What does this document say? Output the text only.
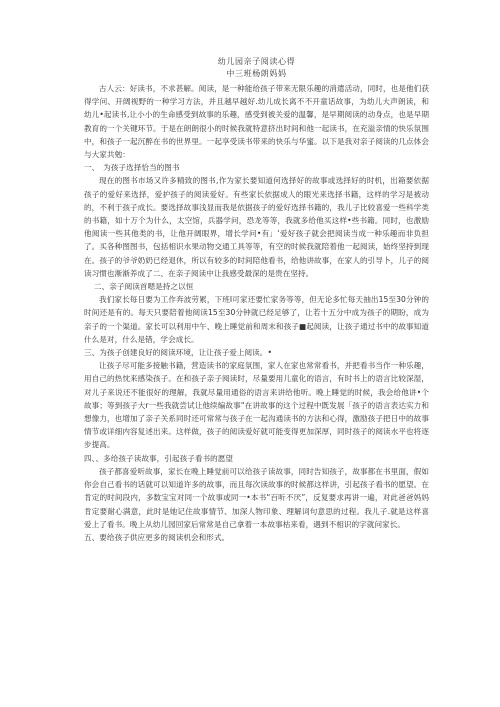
幼儿园亲子阅读心得

中三班杨朗妈妈

古人云：好读书，不求甚解。阅读，是一种能给孩子带来无限乐趣的消遣活动，同时，也是他们获得学问、开阔视野的一种学习方法，并且越早越好.幼儿成长离不不开童话故事，为幼儿大声朗读，和幼儿•起读书,让小小的生命感受到故事的乐趣，感受到被关爱的温馨，是早期阅读的动身点，也是早期教育的一个关键环节。于是在朗朗很小的时候我就特意挤出时间和他一起读书，在充溢亲情的快乐氛围中，和孩子一起沉醉在书的世界里。一起享受读书带来的快乐与华蜜。以下是我对亲子阅读的几点体会与大家共勉：

一、　为孩子选择恰当的图书

现在的图书市场又许多精致的图书,作为家长要知道何选择好的故事或选择好的时机，出箱要依据孩子的爱好来选择，爱护孩子的阅读爱好。有些家长依据成人的眼光来选择书籍，这样的学习是被动的，不利于孩子成长。要选择故事浅显而我是依据孩子的爱好选择书籍的，我儿子比较喜爱一些科学类的书籍，如十万个为什么，太空馆，兵器学问，恐龙等等，我就多给他买这样•些书籍。同时，也激励他阅读一些其他类的书，让他开阔眼界，增长学问•有」‘爱好孩子就会把阅读当成一种乐趣而非负担了。买各种图图书，包括相识水果动物交通工具等等，有空的时候我就陪着他一起阅读，始终坚持到现在。孩子的爷爷奶奶已经退休，所以有较多的时间陪他看书，给他讲故事，在家人的引导卜，儿子的阅读习惯也渐渐养成了二、在亲子阅读中让我感受最深的是贵在坚持。

二、亲子阅读首嗯是持之以恒

我们家长每日要为工作奔波劳累，下班I可家还要忙家务等等，但无论多忙每天抽出15至30分钟的时间还是有的。每天只要陪着他阅读15至30分钟就已经足够了，让若十五分中成为孩子的期盼，成为亲子的一个渠道。家长可以利用中午、晚上睡觉前和周末和孩子■起阅读，让孩子通过书中的故事知道什么是对，什么是错，学会成长。

三、为孩子创建良好的阅读环境，让让孩子爱上阅读。•

让孩子尽可能多接触书籍，营造读书的家庭氛围，家人在家也常常看书，并把看书当作一种乐趣，用自己的热忱来感染孩子。在和孩子亲子阅读时，尽量要用儿童化的语言，有时书上的语言比较深湿，对儿子来说还不能很好的理解，我就尽量用通俗的语言来讲给他听。晚上睡觉的时候，我会给他讲•个故事；等到孩子大r一些我就尝试让他续编故事“在讲故事的这个过程中既发展「孩子的语言表达实力和想像力，也增加了亲子关系同时还可常常与孩子在一起沟通读书的方法和心得，激励孩子把日中的故事情节或详细内容复述出来。这样做，孩子的阅读爱好就可能变得更加深厚，同时孩子的阅读水平也将逐步提高。

四、、多给孩子读故事，引起孩子看书的愿望

孩子都喜爱听故事，家长在晚上睡觉前可以给孩子读故事，同时告知孩子，故事都在书里面，假如你会自己看书的话就可以知道许多的故事，而且每次读故事的时候都这样讲，引起孩子看书的愿望。在肯定的时间段内，多数宝宝对同一个故事或同一•本书“百听不厌”，反复要求再讲一遍，对此爸爸妈妈肯定要耐心满意，此时是她记住故事情节、加深人物印象、理解词句意思的过程。我儿子.就是这样喜爱上了看书。晚上从幼儿园回家后常常是自己拿着一本故事枯来看，遇到不相识的字就问家长。

五、要给孩子供应更多的阅读机会和形式。
